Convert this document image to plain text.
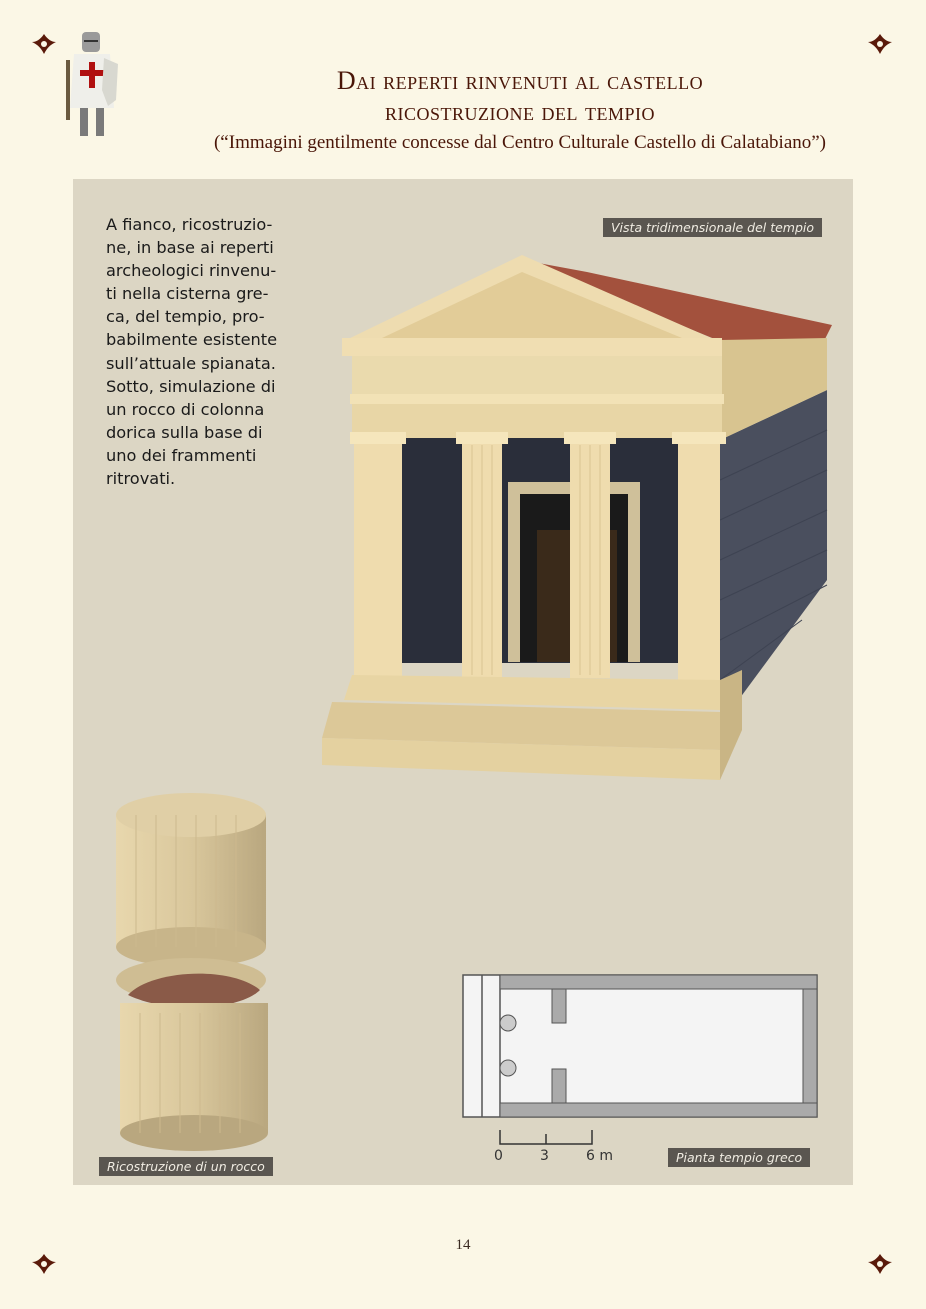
Dai reperti rinvenuti al castello
ricostruzione del tempio
(“Immagini gentilmente concesse dal Centro Culturale Castello di Calatabiano”)
A fianco, ricostruzio-
ne, in base ai reperti
archeologici rinvenu-
ti nella cisterna gre-
ca, del tempio, pro-
babilmente esistente
sull’attuale spianata.
Sotto, simulazione di
un rocco di colonna
dorica sulla base di
uno dei frammenti
ritrovati.
Vista tridimensionale del tempio
Ricostruzione di un rocco
0	3	6 m	Pianta tempio greco
14
